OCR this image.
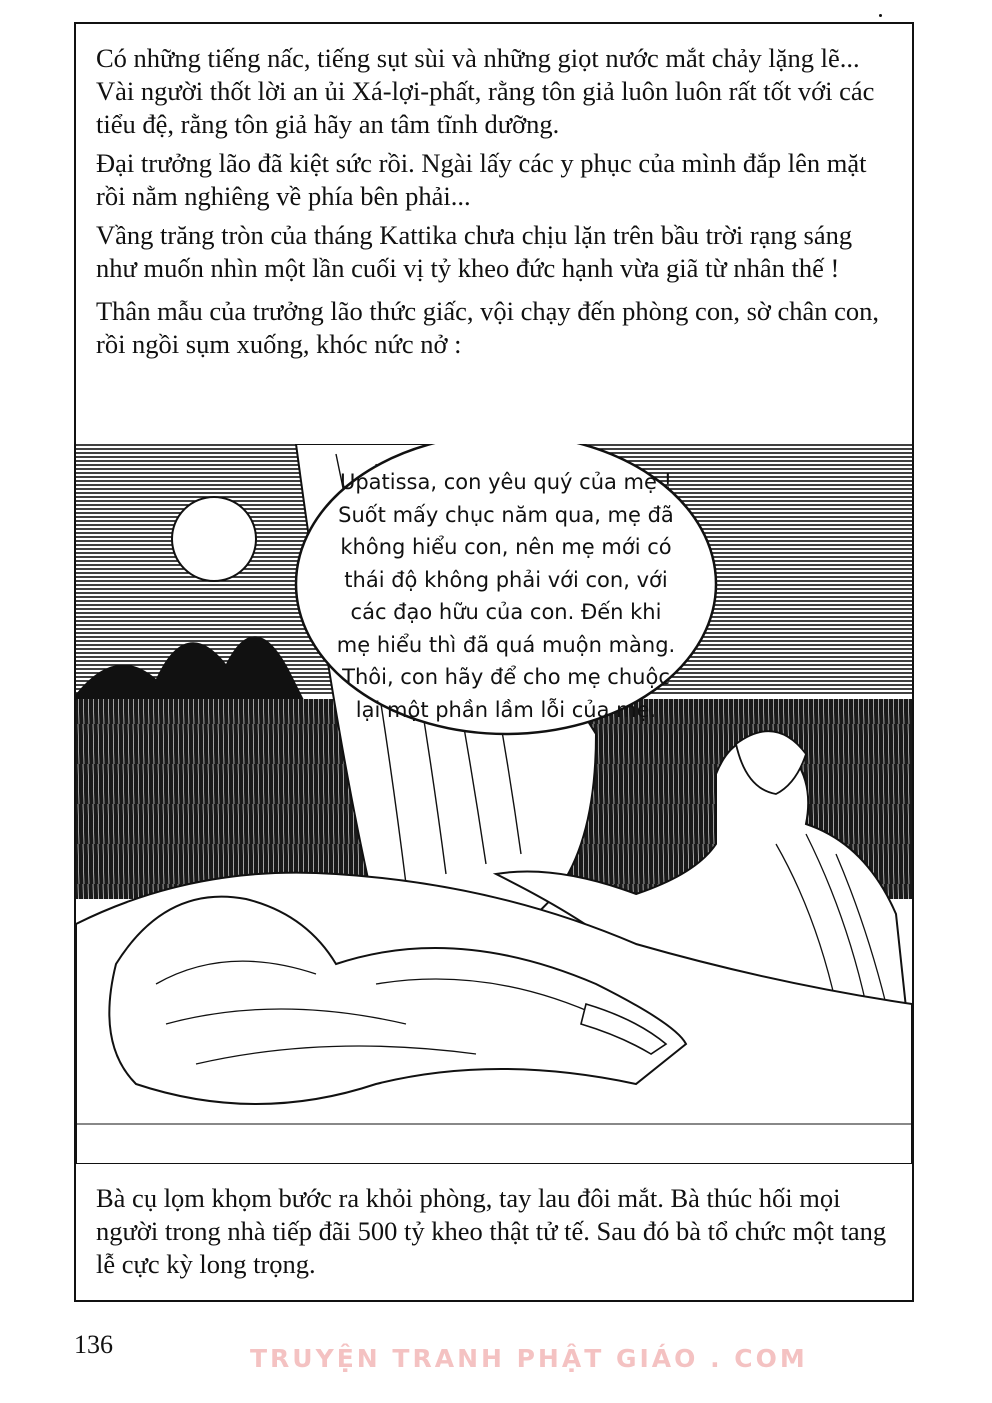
Có những tiếng nấc, tiếng sụt sùi và những giọt nước mắt chảy lặng lẽ... Vài người thốt lời an ủi Xá-lợi-phất, rằng tôn giả luôn luôn rất tốt với các tiểu đệ, rằng tôn giả hãy an tâm tĩnh dưỡng.

Đại trưởng lão đã kiệt sức rồi. Ngài lấy các y phục của mình đắp lên mặt rồi nằm nghiêng về phía bên phải...

Vầng trăng tròn của tháng Kattika chưa chịu lặn trên bầu trời rạng sáng như muốn nhìn một lần cuối vị tỷ kheo đức hạnh vừa giã từ nhân thế !

Thân mẫu của trưởng lão thức giấc, vội chạy đến phòng con, sờ chân con, rồi ngồi sụm xuống, khóc nức nở :

Upatissa, con yêu quý của mẹ ! Suốt mấy chục năm qua, mẹ đã không hiểu con, nên mẹ mới có thái độ không phải với con, với các đạo hữu của con. Đến khi mẹ hiểu thì đã quá muộn màng. Thôi, con hãy để cho mẹ chuộc lại một phần lầm lỗi của mẹ.
Bà cụ lọm khọm bước ra khỏi phòng, tay lau đôi mắt. Bà thúc hối mọi người trong nhà tiếp đãi 500 tỷ kheo thật tử tế. Sau đó bà tổ chức một tang lễ cực kỳ long trọng.
136	TRUYỆN TRANH PHẬT GIÁO . COM
